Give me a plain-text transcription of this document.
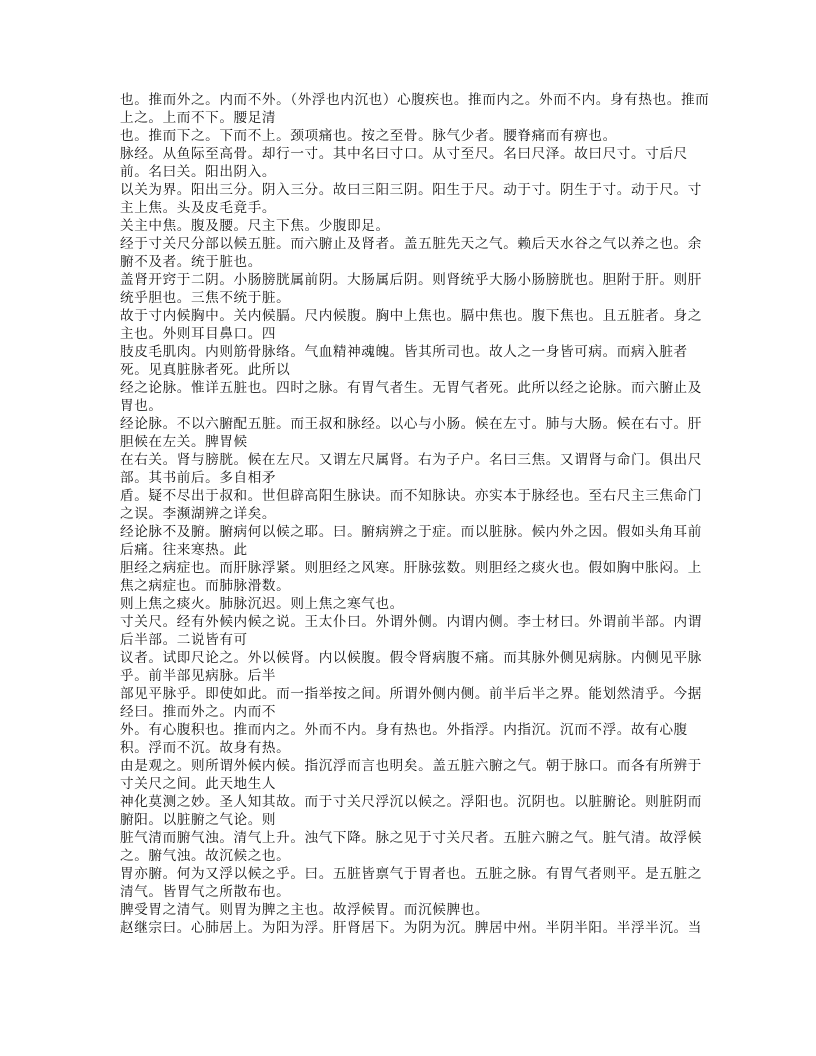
也。推而外之。内而不外。（外浮也内沉也）心腹疾也。推而内之。外而不内。身有热也。推而上之。上而不下。腰足清

也。推而下之。下而不上。颈项痛也。按之至骨。脉气少者。腰脊痛而有痹也。

脉经。从鱼际至高骨。却行一寸。其中名曰寸口。从寸至尺。名曰尺泽。故曰尺寸。寸后尺前。名曰关。阳出阴入。

以关为界。阳出三分。阴入三分。故曰三阳三阴。阳生于尺。动于寸。阴生于寸。动于尺。寸主上焦。头及皮毛竟手。

关主中焦。腹及腰。尺主下焦。少腹即足。

经于寸关尺分部以候五脏。而六腑止及肾者。盖五脏先天之气。赖后天水谷之气以养之也。余腑不及者。统于脏也。

盖肾开窍于二阴。小肠膀胱属前阴。大肠属后阴。则肾统乎大肠小肠膀胱也。胆附于肝。则肝统乎胆也。三焦不统于脏。

故于寸内候胸中。关内候膈。尺内候腹。胸中上焦也。膈中焦也。腹下焦也。且五脏者。身之主也。外则耳目鼻口。四

肢皮毛肌肉。内则筋骨脉络。气血精神魂魄。皆其所司也。故人之一身皆可病。而病入脏者死。见真脏脉者死。此所以

经之论脉。惟详五脏也。四时之脉。有胃气者生。无胃气者死。此所以经之论脉。而六腑止及胃也。

经论脉。不以六腑配五脏。而王叔和脉经。以心与小肠。候在左寸。肺与大肠。候在右寸。肝胆候在左关。脾胃候

在右关。肾与膀胱。候在左尺。又谓左尺属肾。右为子户。名曰三焦。又谓肾与命门。俱出尺部。其书前后。多自相矛

盾。疑不尽出于叔和。世但辟高阳生脉诀。而不知脉诀。亦实本于脉经也。至右尺主三焦命门之误。李濒湖辨之详矣。

经论脉不及腑。腑病何以候之耶。曰。腑病辨之于症。而以脏脉。候内外之因。假如头角耳前后痛。往来寒热。此

胆经之病症也。而肝脉浮紧。则胆经之风寒。肝脉弦数。则胆经之痰火也。假如胸中胀闷。上焦之病症也。而肺脉滑数。

则上焦之痰火。肺脉沉迟。则上焦之寒气也。

寸关尺。经有外候内候之说。王太仆曰。外谓外侧。内谓内侧。李士材曰。外谓前半部。内谓后半部。二说皆有可

议者。试即尺论之。外以候肾。内以候腹。假令肾病腹不痛。而其脉外侧见病脉。内侧见平脉乎。前半部见病脉。后半

部见平脉乎。即使如此。而一指举按之间。所谓外侧内侧。前半后半之界。能划然清乎。今据经曰。推而外之。内而不

外。有心腹积也。推而内之。外而不内。身有热也。外指浮。内指沉。沉而不浮。故有心腹积。浮而不沉。故身有热。

由是观之。则所谓外候内候。指沉浮而言也明矣。盖五脏六腑之气。朝于脉口。而各有所辨于寸关尺之间。此天地生人

神化莫测之妙。圣人知其故。而于寸关尺浮沉以候之。浮阳也。沉阴也。以脏腑论。则脏阴而腑阳。以脏腑之气论。则

脏气清而腑气浊。清气上升。浊气下降。脉之见于寸关尺者。五脏六腑之气。脏气清。故浮候之。腑气浊。故沉候之也。

胃亦腑。何为又浮以候之乎。曰。五脏皆禀气于胃者也。五脏之脉。有胃气者则平。是五脏之清气。皆胃气之所散布也。

脾受胃之清气。则胃为脾之主也。故浮候胃。而沉候脾也。

赵继宗曰。心肺居上。为阳为浮。肝肾居下。为阴为沉。脾居中州。半阴半阳。半浮半沉。当
